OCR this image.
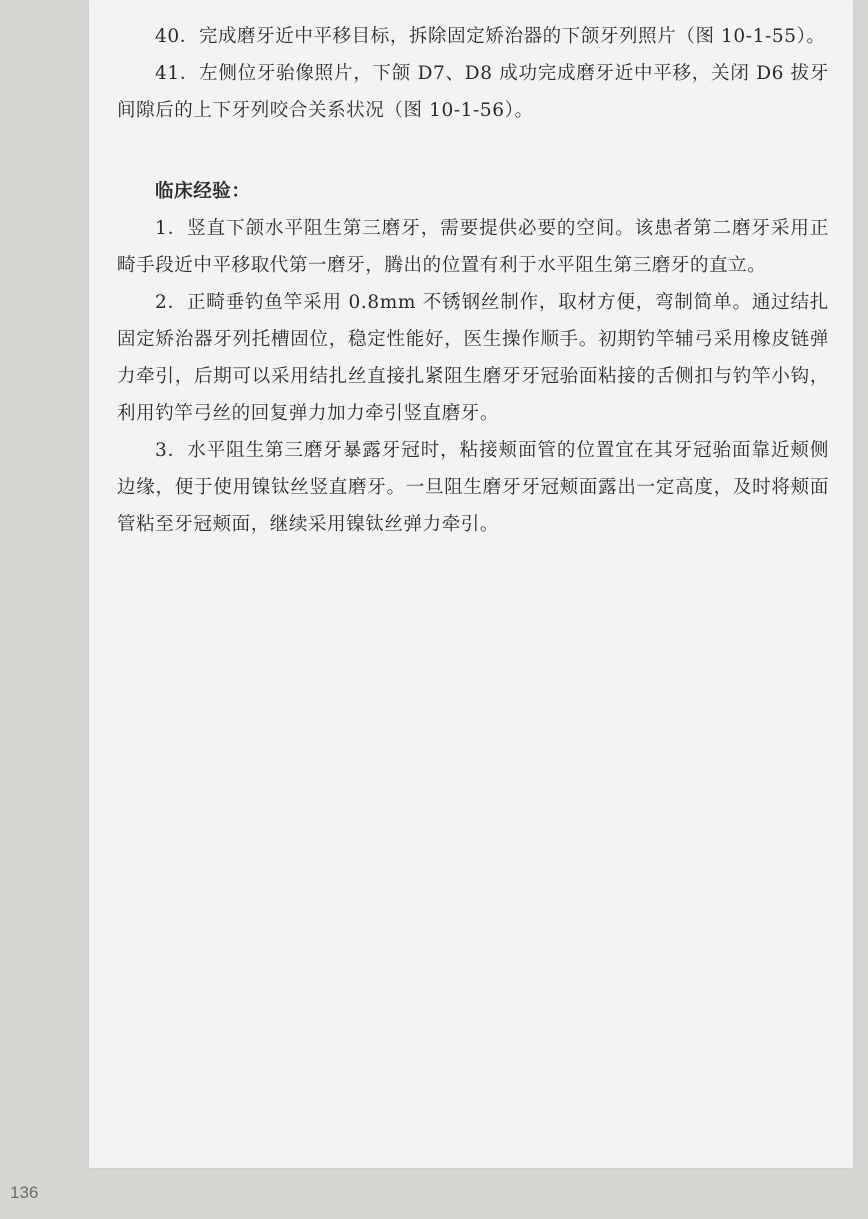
40．完成磨牙近中平移目标，拆除固定矫治器的下颌牙列照片（图 10-1-55）。

41．左侧位牙骀像照片，下颌 D7、D8 成功完成磨牙近中平移，关闭 D6 拔牙间隙后的上下牙列咬合关系状况（图 10-1-56）。

临床经验：

1．竖直下颌水平阻生第三磨牙，需要提供必要的空间。该患者第二磨牙采用正畸手段近中平移取代第一磨牙，腾出的位置有利于水平阻生第三磨牙的直立。

2．正畸垂钓鱼竿采用 0.8mm 不锈钢丝制作，取材方便，弯制简单。通过结扎固定矫治器牙列托槽固位，稳定性能好，医生操作顺手。初期钓竿辅弓采用橡皮链弹力牵引，后期可以采用结扎丝直接扎紧阻生磨牙牙冠骀面粘接的舌侧扣与钓竿小钩，利用钓竿弓丝的回复弹力加力牵引竖直磨牙。

3．水平阻生第三磨牙暴露牙冠时，粘接颊面管的位置宜在其牙冠骀面靠近颊侧边缘，便于使用镍钛丝竖直磨牙。一旦阻生磨牙牙冠颊面露出一定高度，及时将颊面管粘至牙冠颊面，继续采用镍钛丝弹力牵引。

136
